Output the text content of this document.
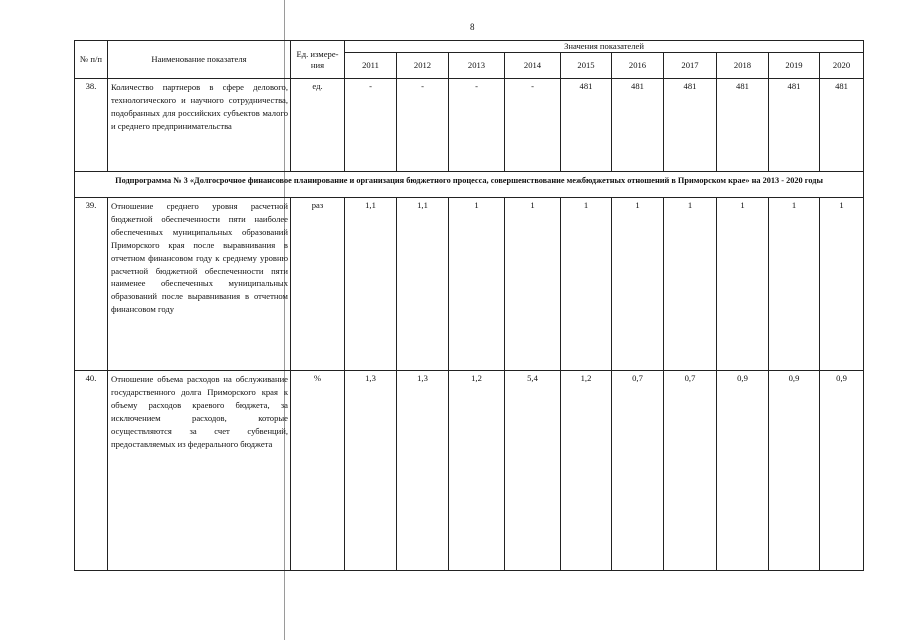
8
№ п/п	Наименование показателя	Ед. измере-ния	Значения показателей									
			2011	2012	2013	2014	2015	2016	2017	2018	2019	2020
38.	Количество партнеров в сфере делового, технологического и научного сотрудничества, подобранных для российских субъектов малого и среднего предпринимательства	ед.	-	-	-	-	481	481	481	481	481	481
Подпрограмма № 3 «Долгосрочное финансовое планирование и организация бюджетного процесса, совершенствование межбюджетных отношений в Приморском крае» на 2013 - 2020 годы												
39.	Отношение среднего уровня расчетной бюджетной обеспеченности пяти наиболее обеспеченных муниципальных образований Приморского края после выравнивания в отчетном финансовом году к среднему уровню расчетной бюджетной обеспеченности пяти наименее обеспеченных муниципальных образований после выравнивания в отчетном финансовом году	раз	1,1	1,1	1	1	1	1	1	1	1	1
40.	Отношение объема расходов на обслуживание государственного долга Приморского края к объему расходов краевого бюджета, за исключением расходов, которые осуществляются за счет субвенций, предоставляемых из федерального бюджета	%	1,3	1,3	1,2	5,4	1,2	0,7	0,7	0,9	0,9	0,9
